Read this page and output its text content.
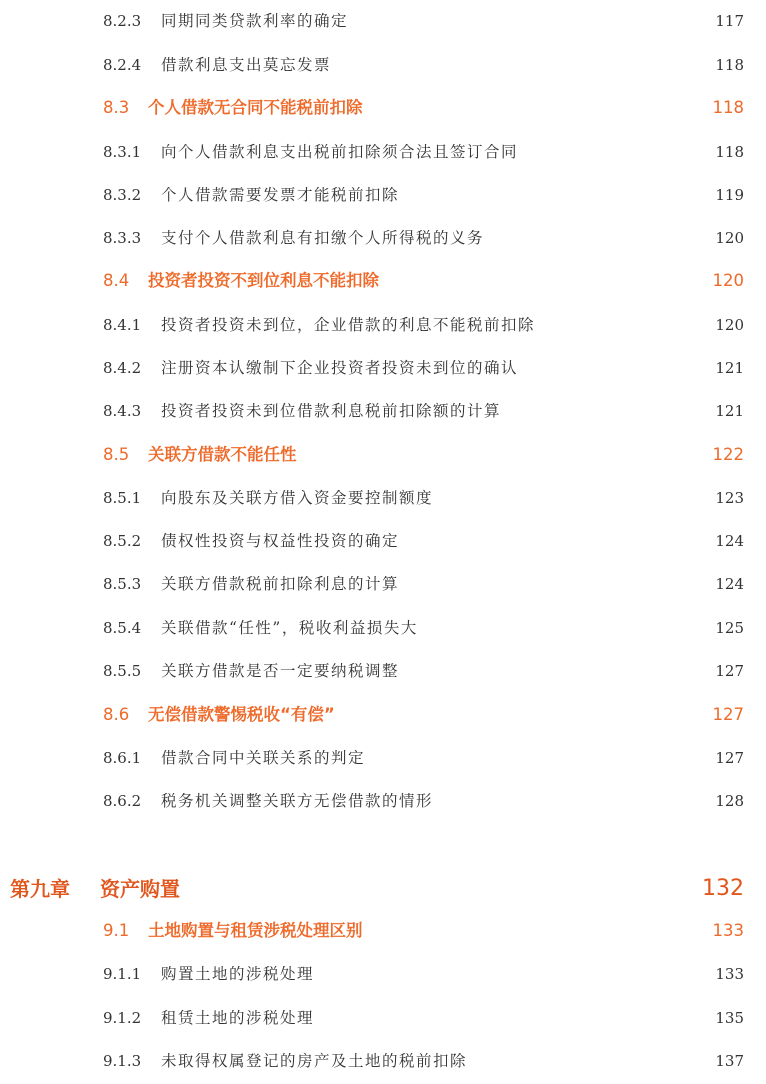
8.2.3 同期同类贷款利率的确定	117
8.2.4 借款利息支出莫忘发票	118
8.3 个人借款无合同不能税前扣除	118
8.3.1 向个人借款利息支出税前扣除须合法且签订合同	118
8.3.2 个人借款需要发票才能税前扣除	119
8.3.3 支付个人借款利息有扣缴个人所得税的义务	120
8.4 投资者投资不到位利息不能扣除	120
8.4.1 投资者投资未到位，企业借款的利息不能税前扣除	120
8.4.2 注册资本认缴制下企业投资者投资未到位的确认	121
8.4.3 投资者投资未到位借款利息税前扣除额的计算	121
8.5 关联方借款不能任性	122
8.5.1 向股东及关联方借入资金要控制额度	123
8.5.2 债权性投资与权益性投资的确定	124
8.5.3 关联方借款税前扣除利息的计算	124
8.5.4 关联借款“任性”，税收利益损失大	125
8.5.5 关联方借款是否一定要纳税调整	127
8.6 无偿借款警惕税收“有偿”	127
8.6.1 借款合同中关联关系的判定	127
8.6.2 税务机关调整关联方无偿借款的情形	128
第九章 资产购置	132
9.1 土地购置与租赁涉税处理区别	133
9.1.1 购置土地的涉税处理	133
9.1.2 租赁土地的涉税处理	135
9.1.3 未取得权属登记的房产及土地的税前扣除	137
